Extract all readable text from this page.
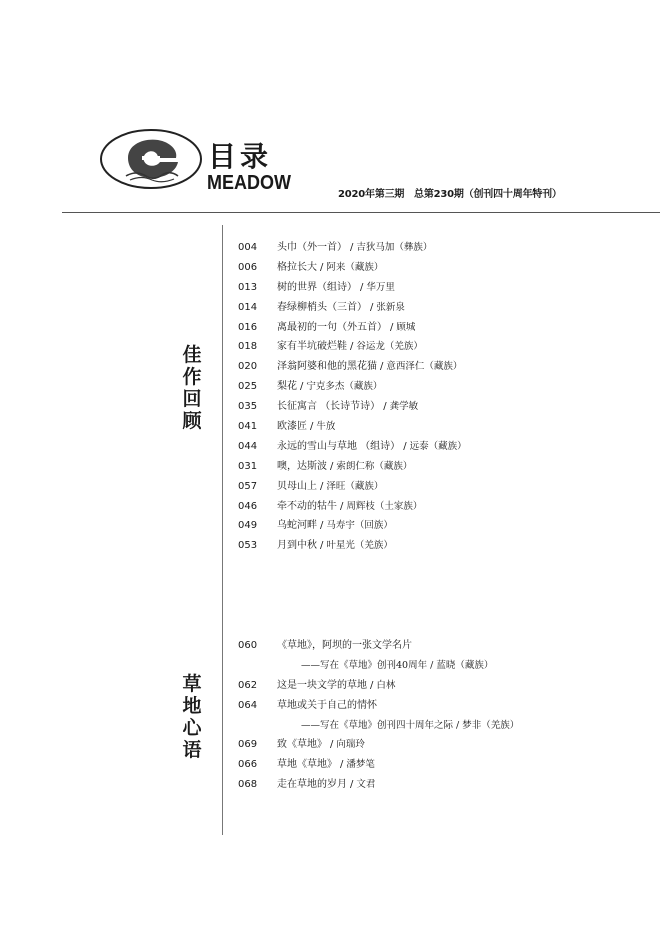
目录
MEADOW
2020年第三期　总第230期（创刊四十周年特刊）
佳作回顾
草地心语
004 头巾（外一首） / 吉狄马加（彝族）
006 格拉长大 / 阿来（藏族）
013 树的世界（组诗） / 华万里
014 春绿柳梢头（三首） / 张新泉
016 离最初的一句（外五首） / 顾城
018 家有半坑破烂鞋 / 谷运龙（羌族）
020 泽翁阿婆和他的黑花猫 / 意西泽仁（藏族）
025 梨花 / 宁克多杰（藏族）
035 长征寓言 （长诗节诗） / 龚学敏
041 欧漆匠 / 牛放
044 永远的雪山与草地 （组诗） / 远泰（藏族）
031 噢，达斯波 / 索朗仁称（藏族）
057 贝母山上 / 泽旺（藏族）
046 牵不动的牯牛 / 周辉枝（土家族）
049 乌蛇河畔 / 马寿宇（回族）
053 月到中秋 / 叶星光（羌族）
060 《草地》，阿坝的一张文学名片
——写在《草地》创刊40周年 / 蓝晓（藏族）
062 这是一块文学的草地 / 白林
064 草地或关于自己的情怀
——写在《草地》创刊四十周年之际 / 梦非（羌族）
069 致《草地》 / 向瑞玲
066 草地《草地》 / 潘梦笔
068 走在草地的岁月 / 文君
